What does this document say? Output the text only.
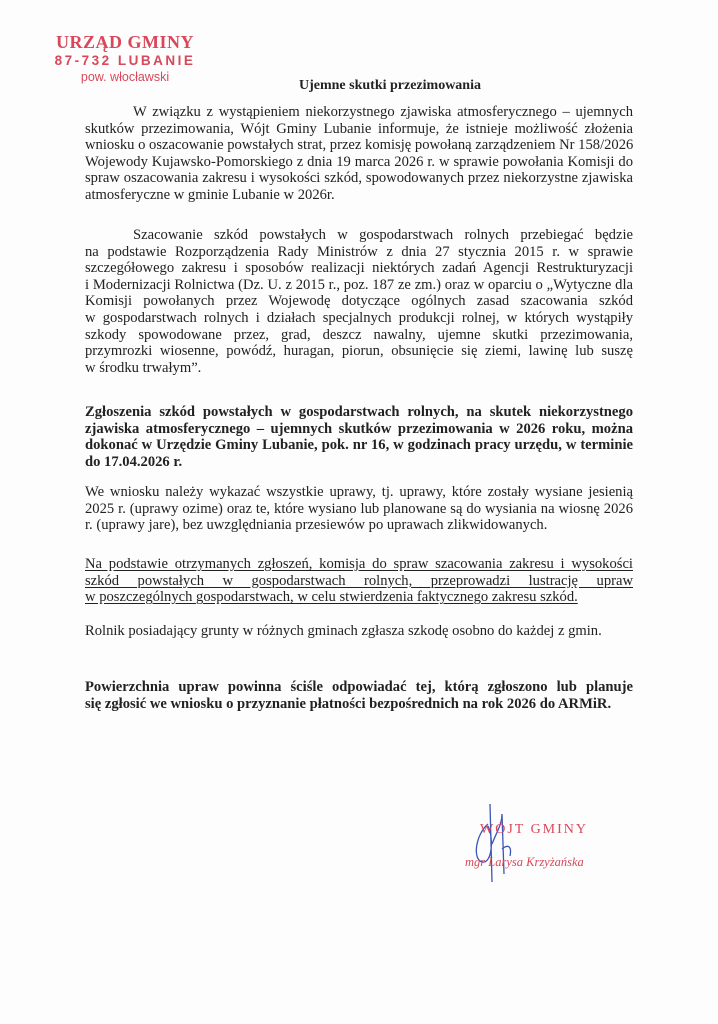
URZĄD GMINY
87-732 LUBANIE
pow. włocławski
Ujemne skutki przezimowania
W związku z wystąpieniem niekorzystnego zjawiska atmosferycznego – ujemnych
skutków przezimowania, Wójt Gminy Lubanie informuje, że istnieje możliwość złożenia
wniosku o oszacowanie powstałych strat, przez komisję powołaną zarządzeniem Nr 158/2026
Wojewody Kujawsko-Pomorskiego z dnia 19 marca 2026 r. w sprawie powołania Komisji do
spraw oszacowania zakresu i wysokości szkód, spowodowanych przez niekorzystne zjawiska
atmosferyczne w gminie Lubanie w 2026r.
Szacowanie szkód powstałych w gospodarstwach rolnych przebiegać będzie
na podstawie Rozporządzenia Rady Ministrów z dnia 27 stycznia 2015 r. w sprawie
szczegółowego zakresu i sposobów realizacji niektórych zadań Agencji Restrukturyzacji
i Modernizacji Rolnictwa (Dz. U. z 2015 r., poz. 187 ze zm.) oraz w oparciu o „Wytyczne dla
Komisji powołanych przez Wojewodę dotyczące ogólnych zasad szacowania szkód
w gospodarstwach rolnych i działach specjalnych produkcji rolnej, w których wystąpiły
szkody spowodowane przez, grad, deszcz nawalny, ujemne skutki przezimowania,
przymrozki wiosenne, powódź, huragan, piorun, obsunięcie się ziemi, lawinę lub suszę
w środku trwałym”.
Zgłoszenia szkód powstałych w gospodarstwach rolnych, na skutek niekorzystnego
zjawiska atmosferycznego – ujemnych skutków przezimowania w 2026 roku, można
dokonać w Urzędzie Gminy Lubanie, pok. nr 16, w godzinach pracy urzędu, w terminie
do 17.04.2026 r.
We wniosku należy wykazać wszystkie uprawy, tj. uprawy, które zostały wysiane jesienią
2025 r. (uprawy ozime) oraz te, które wysiano lub planowane są do wysiania na wiosnę 2026
r. (uprawy jare), bez uwzględniania przesiewów po uprawach zlikwidowanych.
Na podstawie otrzymanych zgłoszeń, komisja do spraw szacowania zakresu i wysokości
szkód powstałych w gospodarstwach rolnych, przeprowadzi lustrację upraw
w poszczególnych gospodarstwach, w celu stwierdzenia faktycznego zakresu szkód.
Rolnik posiadający grunty w różnych gminach zgłasza szkodę osobno do każdej z gmin.
Powierzchnia upraw powinna ściśle odpowiadać tej, którą zgłoszono lub planuje
się zgłosić we wniosku o przyznanie płatności bezpośrednich na rok 2026 do ARMiR.
WÓJT GMINY
mgr Larysa Krzyżańska
